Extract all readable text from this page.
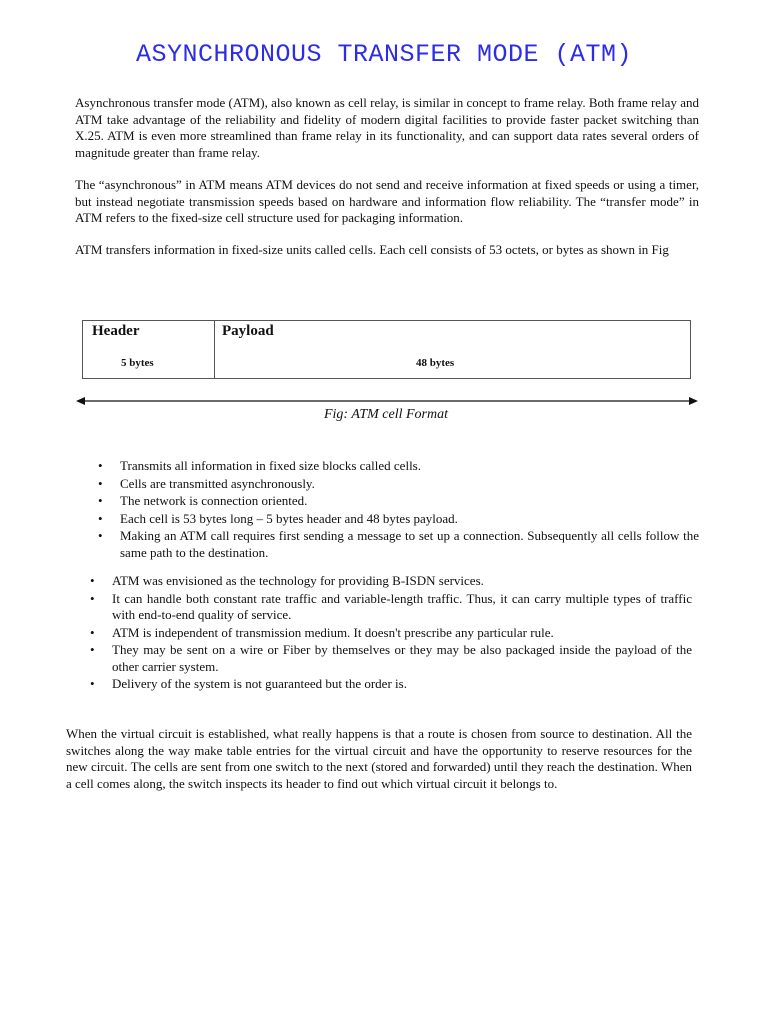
ASYNCHRONOUS TRANSFER MODE (ATM)

Asynchronous transfer mode (ATM), also known as cell relay, is similar in concept to frame relay. Both frame relay and ATM take advantage of the reliability and fidelity of modern digital facilities to provide faster packet switching than X.25. ATM is even more streamlined than frame relay in its functionality, and can support data rates several orders of magnitude greater than frame relay.

The “asynchronous” in ATM means ATM devices do not send and receive information at fixed speeds or using a timer, but instead negotiate transmission speeds based on hardware and information flow reliability. The “transfer mode” in ATM refers to the fixed-size cell structure used for packaging information.

ATM transfers information in fixed-size units called cells. Each cell consists of 53 octets, or bytes as shown in Fig

Header
5 bytes
Payload
48 bytes
Fig: ATM cell Format
• Transmits all information in fixed size blocks called cells.
• Cells are transmitted asynchronously.
• The network is connection oriented.
• Each cell is 53 bytes long – 5 bytes header and 48 bytes payload.
• Making an ATM call requires first sending a message to set up a connection. Subsequently all cells follow the same path to the destination.
• ATM was envisioned as the technology for providing B-ISDN services.
• It can handle both constant rate traffic and variable-length traffic. Thus, it can carry multiple types of traffic with end-to-end quality of service.
• ATM is independent of transmission medium. It doesn't prescribe any particular rule.
• They may be sent on a wire or Fiber by themselves or they may be also packaged inside the payload of the other carrier system.
• Delivery of the system is not guaranteed but the order is.

When the virtual circuit is established, what really happens is that a route is chosen from source to destination. All the switches along the way make table entries for the virtual circuit and have the opportunity to reserve resources for the new circuit. The cells are sent from one switch to the next (stored and forwarded) until they reach the destination. When a cell comes along, the switch inspects its header to find out which virtual circuit it belongs to.
